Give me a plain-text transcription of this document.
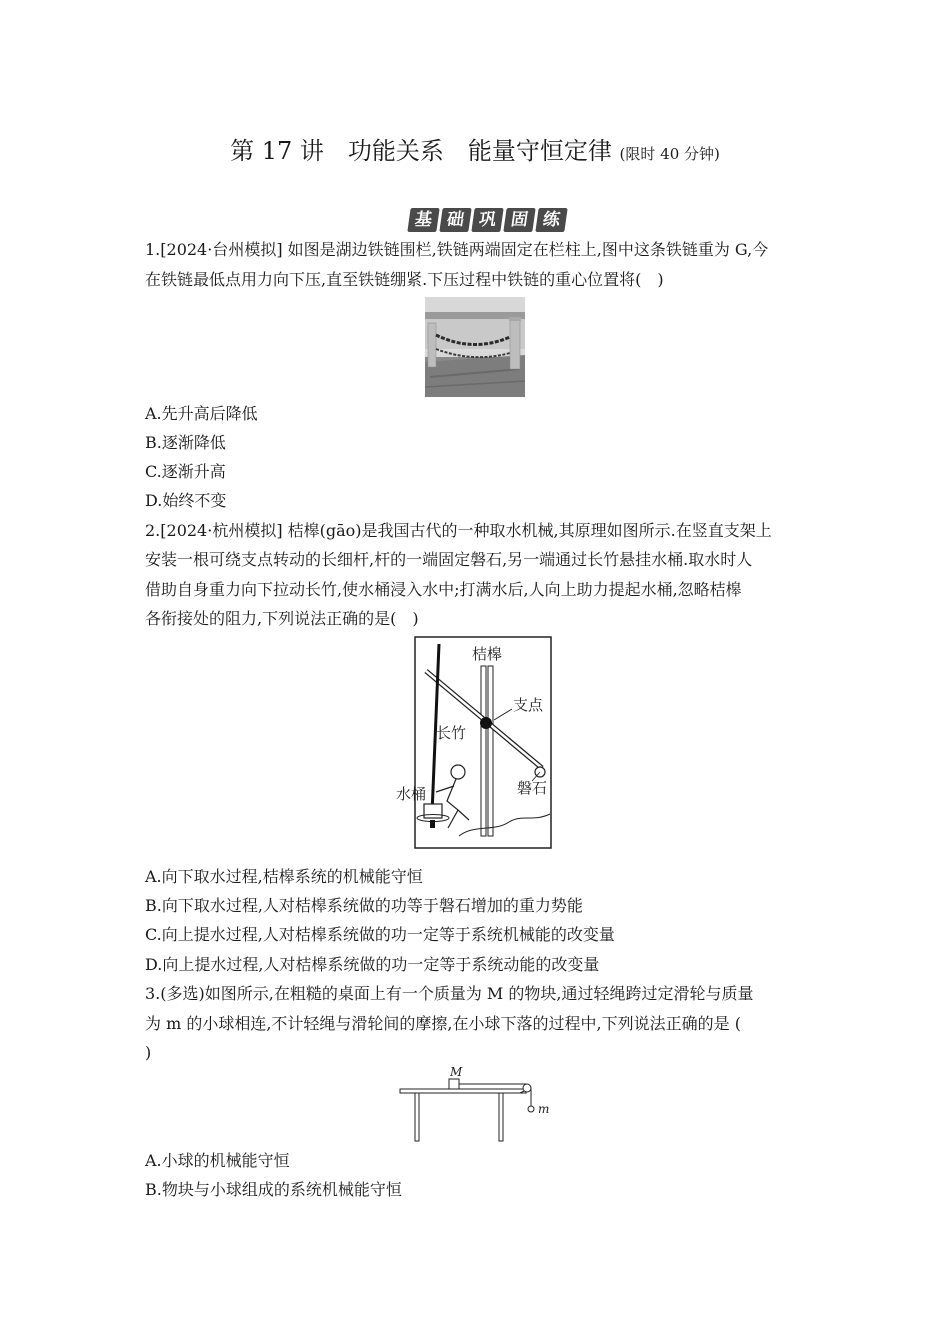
第 17 讲　功能关系　能量守恒定律 (限时 40 分钟)
基 础 巩 固 练
1.[2024·台州模拟] 如图是湖边铁链围栏,铁链两端固定在栏柱上,图中这条铁链重为 G,今
在铁链最低点用力向下压,直至铁链绷紧.下压过程中铁链的重心位置将(　)
A.先升高后降低
B.逐渐降低
C.逐渐升高
D.始终不变
2.[2024·杭州模拟] 桔槔(gāo)是我国古代的一种取水机械,其原理如图所示.在竖直支架上
安装一根可绕支点转动的长细杆,杆的一端固定磐石,另一端通过长竹悬挂水桶.取水时人
借助自身重力向下拉动长竹,使水桶浸入水中;打满水后,人向上助力提起水桶,忽略桔槔
各衔接处的阻力,下列说法正确的是(　)
桔槔
支点
长竹
水桶	磐石
A.向下取水过程,桔槔系统的机械能守恒
B.向下取水过程,人对桔槔系统做的功等于磐石增加的重力势能
C.向上提水过程,人对桔槔系统做的功一定等于系统机械能的改变量
D.向上提水过程,人对桔槔系统做的功一定等于系统动能的改变量
3.(多选)如图所示,在粗糙的桌面上有一个质量为 M 的物块,通过轻绳跨过定滑轮与质量
为 m 的小球相连,不计轻绳与滑轮间的摩擦,在小球下落的过程中,下列说法正确的是 (
)
M
m
A.小球的机械能守恒
B.物块与小球组成的系统机械能守恒
